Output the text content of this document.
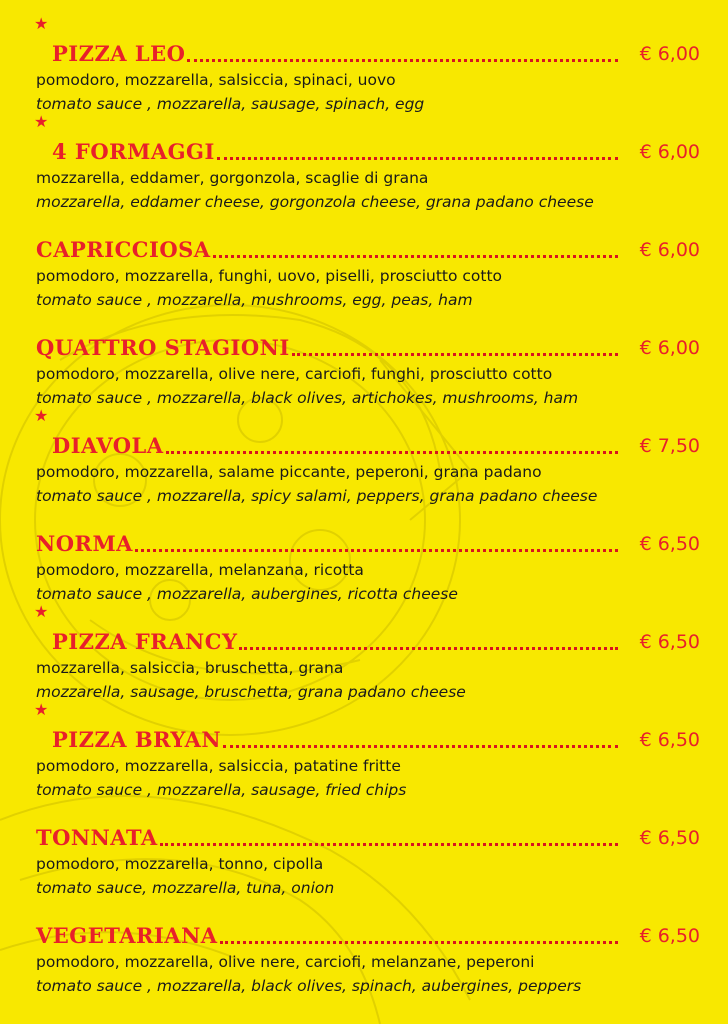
★
PIZZA LEO	€ 6,00
pomodoro, mozzarella, salsiccia, spinaci, uovo
tomato sauce , mozzarella, sausage, spinach, egg
★
4 FORMAGGI	€ 6,00
mozzarella, eddamer, gorgonzola, scaglie di grana
mozzarella, eddamer cheese, gorgonzola cheese, grana padano cheese
CAPRICCIOSA	€ 6,00
pomodoro, mozzarella, funghi, uovo, piselli, prosciutto cotto
tomato sauce , mozzarella, mushrooms, egg, peas, ham
QUATTRO STAGIONI	€ 6,00
pomodoro, mozzarella, olive nere, carciofi, funghi, prosciutto cotto
tomato sauce , mozzarella, black olives, artichokes, mushrooms, ham
★
DIAVOLA	€ 7,50
pomodoro, mozzarella, salame piccante, peperoni, grana padano
tomato sauce , mozzarella, spicy salami, peppers, grana padano cheese
NORMA	€ 6,50
pomodoro, mozzarella, melanzana, ricotta
tomato sauce , mozzarella, aubergines, ricotta cheese
★
PIZZA FRANCY	€ 6,50
mozzarella, salsiccia, bruschetta, grana
mozzarella, sausage, bruschetta, grana padano cheese
★
PIZZA BRYAN	€ 6,50
pomodoro, mozzarella, salsiccia, patatine fritte
tomato sauce , mozzarella, sausage, fried chips
TONNATA	€ 6,50
pomodoro, mozzarella, tonno, cipolla
tomato sauce, mozzarella, tuna, onion
VEGETARIANA	€ 6,50
pomodoro, mozzarella, olive nere, carciofi, melanzane, peperoni
tomato sauce , mozzarella, black olives, spinach, aubergines, peppers
